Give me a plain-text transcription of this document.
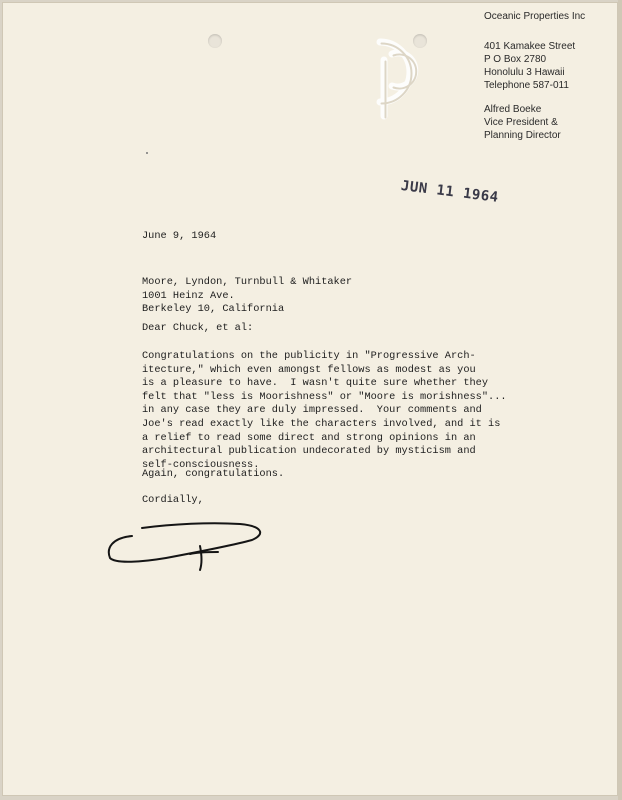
Oceanic Properties Inc
401 Kamakee Street
P O Box 2780
Honolulu 3 Hawaii
Telephone 587-011
Alfred Boeke
Vice President &
Planning Director
JUN 11 1964
June 9, 1964
Moore, Lyndon, Turnbull & Whitaker
1001 Heinz Ave.
Berkeley 10, California
Dear Chuck, et al:
Congratulations on the publicity in "Progressive Arch-
itecture," which even amongst fellows as modest as you
is a pleasure to have.  I wasn't quite sure whether they
felt that "less is Moorishness" or "Moore is morishness"...
in any case they are duly impressed.  Your comments and
Joe's read exactly like the characters involved, and it is
a relief to read some direct and strong opinions in an
architectural publication undecorated by mysticism and
self-consciousness.
Again, congratulations.
Cordially,
